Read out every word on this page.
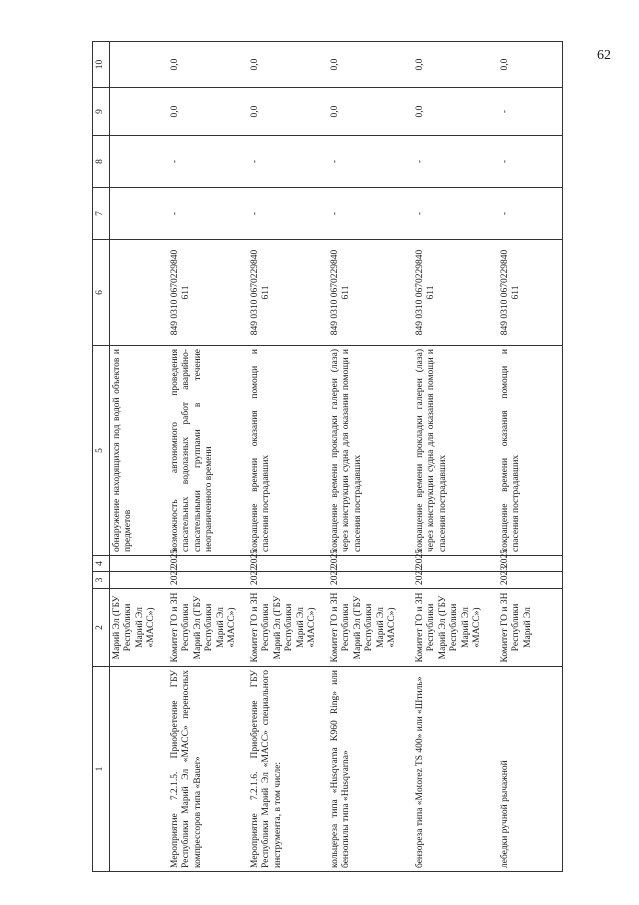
62
1	2	3	4	5	6	7	8	9	10
	Марий Эл (ГБУ Республики Марий Эл «МАСС»)			обнаружение находящихся под водой объектов и предметов					
Мероприятие 7.2.1.5. Приобретение ГБУ Республики Марий Эл «МАСС» переносных компрессоров типа «Bauer»	Комитет ГО и ЗН Республики Марий Эл (ГБУ Республики Марий Эл «МАСС»)	2022	2025	возможность автономного проведения спасательных водолазных работ аварийно-спасательными группами в течение неограниченного времени	849 0310 0670229840 611	-	-	0,0	0,0
Мероприятие 7.2.1.6. Приобретение ГБУ Республики Марий Эл «МАСС» специального инструмента, в том числе:	Комитет ГО и ЗН Республики Марий Эл (ГБУ Республики Марий Эл «МАСС»)	2022	2025	сокращение времени оказания помощи и спасения пострадавших	849 0310 0670229840 611	-	-	0,0	0,0
кольцереза типа «Husqvarna K960 Ring» или бензопилы типа «Husqvarna»	Комитет ГО и ЗН Республики Марий Эл (ГБУ Республики Марий Эл «МАСС»)	2022	2025	сокращение времени прокладки галереи (лаза) через конструкции судна для оказания помощи и спасения пострадавших	849 0310 0670229840 611	-	-	0,0	0,0
бензореза типа «Motorez TS 400» или «Штиль»	Комитет ГО и ЗН Республики Марий Эл (ГБУ Республики Марий Эл «МАСС»)	2022	2025	сокращение времени прокладки галереи (лаза) через конструкции судна для оказания помощи и спасения пострадавших	849 0310 0670229840 611	-	-	0,0	0,0
лебедки ручной рычажной	Комитет ГО и ЗН Республики Марий Эл	2023	2025	сокращение времени оказания помощи и спасения пострадавших	849 0310 0670229840 611	-	-	-	0,0
